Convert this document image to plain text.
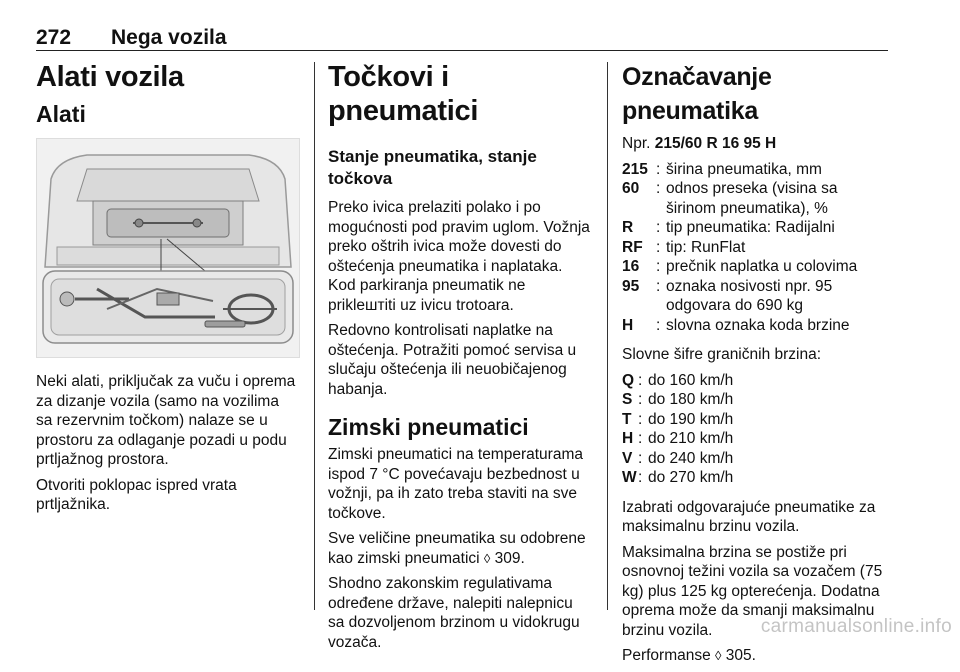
272 Nega vozila
Alati vozila
Alati

Neki alati, priključak za vuču i oprema za dizanje vozila (samo na vozilima sa rezervnim točkom) nalaze se u prostoru za odlaganje pozadi u podu prtljažnog prostora.

Otvoriti poklopac ispred vrata prtljažnika.

Točkovi i pneumatici
Stanje pneumatika, stanje točkova

Preko ivica prelaziti polako i po mogućnosti pod pravim uglom. Vožnja preko oštrih ivica može dovesti do oštećenja pneumatika i naplataka. Kod parkiranja pneumatik ne priklештiti uz ivicu trotoara.

Redovno kontrolisati naplatke na oštećenja. Potražiti pomoć servisa u slučaju oštećenja ili neuobičajenog habanja.

Zimski pneumatici

Zimski pneumatici na temperaturama ispod 7 °C povećavaju bezbednost u vožnji, pa ih zato treba staviti na sve točkove.

Sve veličine pneumatika su odobrene kao zimski pneumatici ◊ 309.

Shodno zakonskim regulativama određene države, nalepiti nalepnicu sa dozvoljenom brzinom u vidokrugu vozača.

Označavanje pneumatika
Npr. 215/60 R 16 95 H
215 : širina pneumatika, mm
60	: odnos preseka (visina sa širinom pneumatika), %
R	: tip pneumatika: Radijalni
RF : tip: RunFlat
16	: prečnik naplatka u colovima
95	: oznaka nosivosti npr. 95 odgovara do 690 kg
H	: slovna oznaka koda brzine

Slovne šifre graničnih brzina:

Q : do 160 km/h
S : do 180 km/h
T : do 190 km/h
H : do 210 km/h
V : do 240 km/h
W : do 270 km/h

Izabrati odgovarajuće pneumatike za maksimalnu brzinu vozila.

Maksimalna brzina se postiže pri osnovnoj težini vozila sa vozačem (75 kg) plus 125 kg opterećenja. Dodatna oprema može da smanji maksimalnu brzinu vozila.

Performanse ◊ 305.

carmanualsonline.info
